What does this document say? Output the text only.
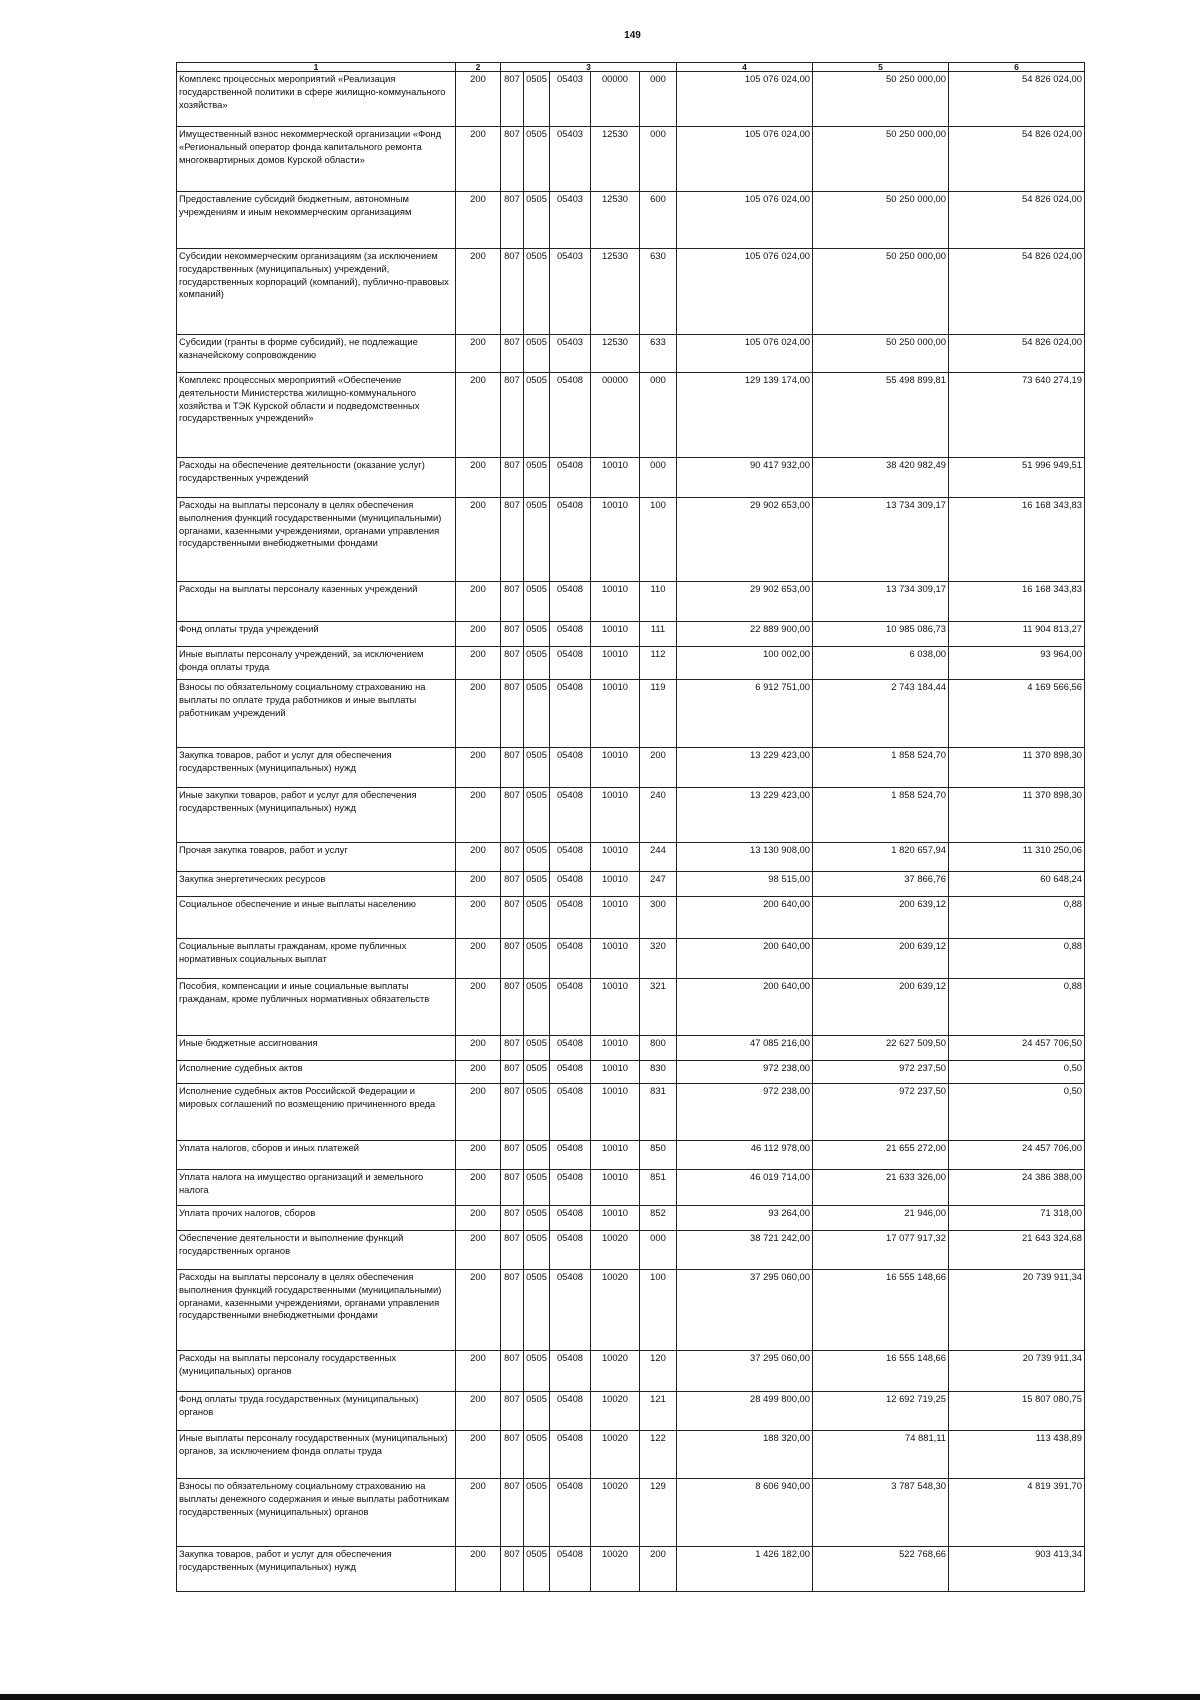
149
1	2	3					4	5	6
Комплекс процессных мероприятий «Реализация государственной политики в сфере жилищно-коммунального хозяйства»	200	807	0505	05403	00000	000	105 076 024,00	50 250 000,00	54 826 024,00
Имущественный взнос некоммерческой организации «Фонд «Региональный оператор фонда капитального ремонта многоквартирных домов Курской области»	200	807	0505	05403	12530	000	105 076 024,00	50 250 000,00	54 826 024,00
Предоставление субсидий бюджетным, автономным учреждениям и иным некоммерческим организациям	200	807	0505	05403	12530	600	105 076 024,00	50 250 000,00	54 826 024,00
Субсидии некоммерческим организациям (за исключением государственных (муниципальных) учреждений, государственных корпораций (компаний), публично-правовых компаний)	200	807	0505	05403	12530	630	105 076 024,00	50 250 000,00	54 826 024,00
Субсидии (гранты в форме субсидий), не подлежащие казначейскому сопровождению	200	807	0505	05403	12530	633	105 076 024,00	50 250 000,00	54 826 024,00
Комплекс процессных мероприятий «Обеспечение деятельности Министерства жилищно-коммунального хозяйства и ТЭК Курской области и подведомственных государственных учреждений»	200	807	0505	05408	00000	000	129 139 174,00	55 498 899,81	73 640 274,19
Расходы на обеспечение деятельности (оказание услуг) государственных учреждений	200	807	0505	05408	10010	000	90 417 932,00	38 420 982,49	51 996 949,51
Расходы на выплаты персоналу в целях обеспечения выполнения функций государственными (муниципальными) органами, казенными учреждениями, органами управления государственными внебюджетными фондами	200	807	0505	05408	10010	100	29 902 653,00	13 734 309,17	16 168 343,83
Расходы на выплаты персоналу казенных учреждений	200	807	0505	05408	10010	110	29 902 653,00	13 734 309,17	16 168 343,83
Фонд оплаты труда учреждений	200	807	0505	05408	10010	111	22 889 900,00	10 985 086,73	11 904 813,27
Иные выплаты персоналу учреждений, за исключением фонда оплаты труда	200	807	0505	05408	10010	112	100 002,00	6 038,00	93 964,00
Взносы по обязательному социальному страхованию на выплаты по оплате труда работников и иные выплаты работникам учреждений	200	807	0505	05408	10010	119	6 912 751,00	2 743 184,44	4 169 566,56
Закупка товаров, работ и услуг для обеспечения государственных (муниципальных) нужд	200	807	0505	05408	10010	200	13 229 423,00	1 858 524,70	11 370 898,30
Иные закупки товаров, работ и услуг для обеспечения государственных (муниципальных) нужд	200	807	0505	05408	10010	240	13 229 423,00	1 858 524,70	11 370 898,30
Прочая закупка товаров, работ и услуг	200	807	0505	05408	10010	244	13 130 908,00	1 820 657,94	11 310 250,06
Закупка энергетических ресурсов	200	807	0505	05408	10010	247	98 515,00	37 866,76	60 648,24
Социальное обеспечение и иные выплаты населению	200	807	0505	05408	10010	300	200 640,00	200 639,12	0,88
Социальные выплаты гражданам, кроме публичных нормативных социальных выплат	200	807	0505	05408	10010	320	200 640,00	200 639,12	0,88
Пособия, компенсации и иные социальные выплаты гражданам, кроме публичных нормативных обязательств	200	807	0505	05408	10010	321	200 640,00	200 639,12	0,88
Иные бюджетные ассигнования	200	807	0505	05408	10010	800	47 085 216,00	22 627 509,50	24 457 706,50
Исполнение судебных актов	200	807	0505	05408	10010	830	972 238,00	972 237,50	0,50
Исполнение судебных актов Российской Федерации и мировых соглашений по возмещению причиненного вреда	200	807	0505	05408	10010	831	972 238,00	972 237,50	0,50
Уплата налогов, сборов и иных платежей	200	807	0505	05408	10010	850	46 112 978,00	21 655 272,00	24 457 706,00
Уплата налога на имущество организаций и земельного налога	200	807	0505	05408	10010	851	46 019 714,00	21 633 326,00	24 386 388,00
Уплата прочих налогов, сборов	200	807	0505	05408	10010	852	93 264,00	21 946,00	71 318,00
Обеспечение деятельности и выполнение функций государственных органов	200	807	0505	05408	10020	000	38 721 242,00	17 077 917,32	21 643 324,68
Расходы на выплаты персоналу в целях обеспечения выполнения функций государственными (муниципальными) органами, казенными учреждениями, органами управления государственными внебюджетными фондами	200	807	0505	05408	10020	100	37 295 060,00	16 555 148,66	20 739 911,34
Расходы на выплаты персоналу государственных (муниципальных) органов	200	807	0505	05408	10020	120	37 295 060,00	16 555 148,66	20 739 911,34
Фонд оплаты труда государственных (муниципальных) органов	200	807	0505	05408	10020	121	28 499 800,00	12 692 719,25	15 807 080,75
Иные выплаты персоналу государственных (муниципальных) органов, за исключением фонда оплаты труда	200	807	0505	05408	10020	122	188 320,00	74 881,11	113 438,89
Взносы по обязательному социальному страхованию на выплаты денежного содержания и иные выплаты работникам государственных (муниципальных) органов	200	807	0505	05408	10020	129	8 606 940,00	3 787 548,30	4 819 391,70
Закупка товаров, работ и услуг для обеспечения государственных (муниципальных) нужд	200	807	0505	05408	10020	200	1 426 182,00	522 768,66	903 413,34
